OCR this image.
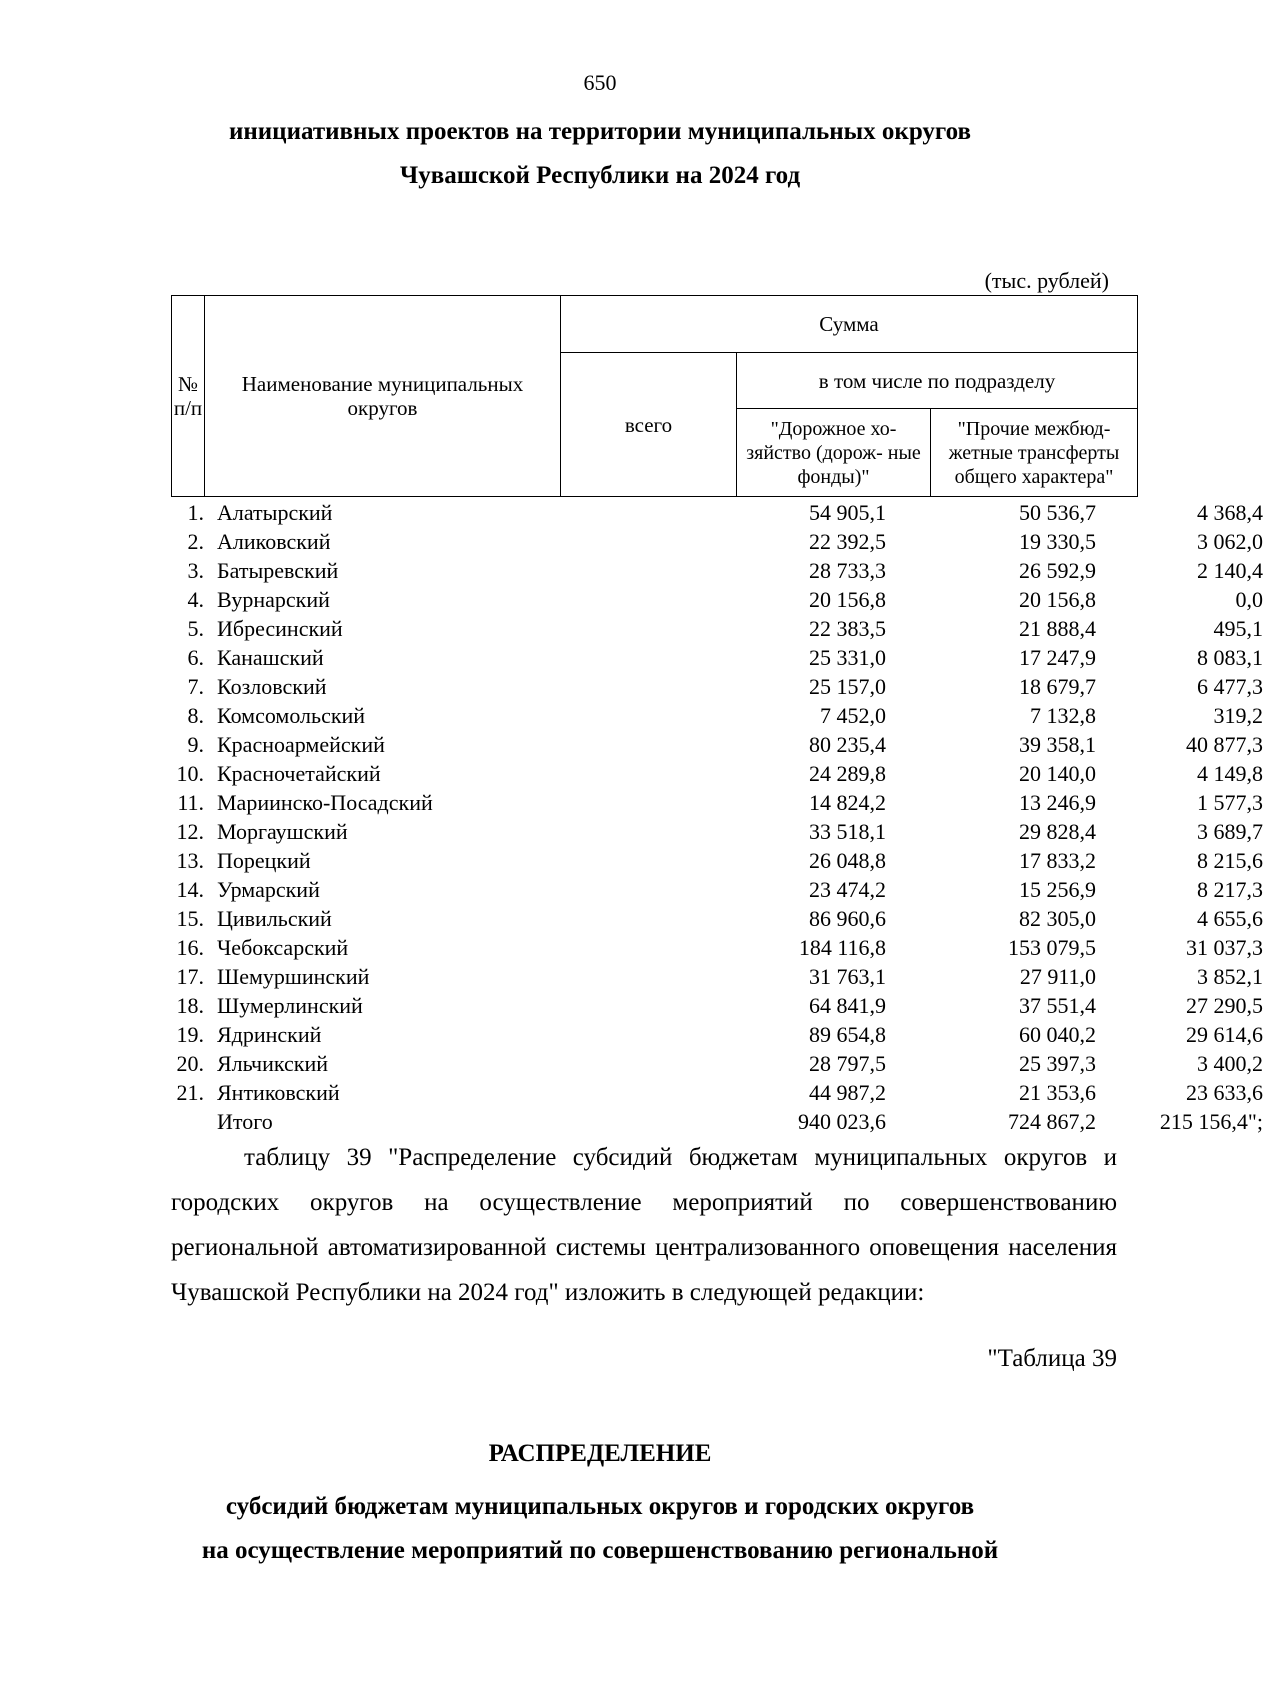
650
инициативных проектов на территории муниципальных округов
Чувашской Республики на 2024 год
(тыс. рублей)
№ п/п	Наименование муниципальных округов	Сумма		
		всего	в том числе по подразделу	
			"Дорожное хо- зяйство (дорож- ные фонды)"	"Прочие межбюд- жетные трансферты общего характера"
1. Алатырский	54 905,1	50 536,7	4 368,4
2. Аликовский	22 392,5	19 330,5	3 062,0
3. Батыревский	28 733,3	26 592,9	2 140,4
4. Вурнарский	20 156,8	20 156,8	0,0
5. Ибресинский	22 383,5	21 888,4	495,1
6. Канашский	25 331,0	17 247,9	8 083,1
7. Козловский	25 157,0	18 679,7	6 477,3
8. Комсомольский	7 452,0	7 132,8	319,2
9. Красноармейский	80 235,4	39 358,1	40 877,3
10. Красночетайский	24 289,8	20 140,0	4 149,8
11. Мариинско-Посадский	14 824,2	13 246,9	1 577,3
12. Моргаушский	33 518,1	29 828,4	3 689,7
13. Порецкий	26 048,8	17 833,2	8 215,6
14. Урмарский	23 474,2	15 256,9	8 217,3
15. Цивильский	86 960,6	82 305,0	4 655,6
16. Чебоксарский	184 116,8	153 079,5	31 037,3
17. Шемуршинский	31 763,1	27 911,0	3 852,1
18. Шумерлинский	64 841,9	37 551,4	27 290,5
19. Ядринский	89 654,8	60 040,2	29 614,6
20. Яльчикский	28 797,5	25 397,3	3 400,2
21. Янтиковский	44 987,2	21 353,6	23 633,6
Итого	940 023,6	724 867,2	215 156,4";

таблицу 39 "Распределение субсидий бюджетам муниципальных округов и городских округов на осуществление мероприятий по совершенствованию региональной автоматизированной системы централизованного оповещения населения Чувашской Республики на 2024 год" изложить в следующей редакции:

"Таблица 39
РАСПРЕДЕЛЕНИЕ
субсидий бюджетам муниципальных округов и городских округов
на осуществление мероприятий по совершенствованию региональной
